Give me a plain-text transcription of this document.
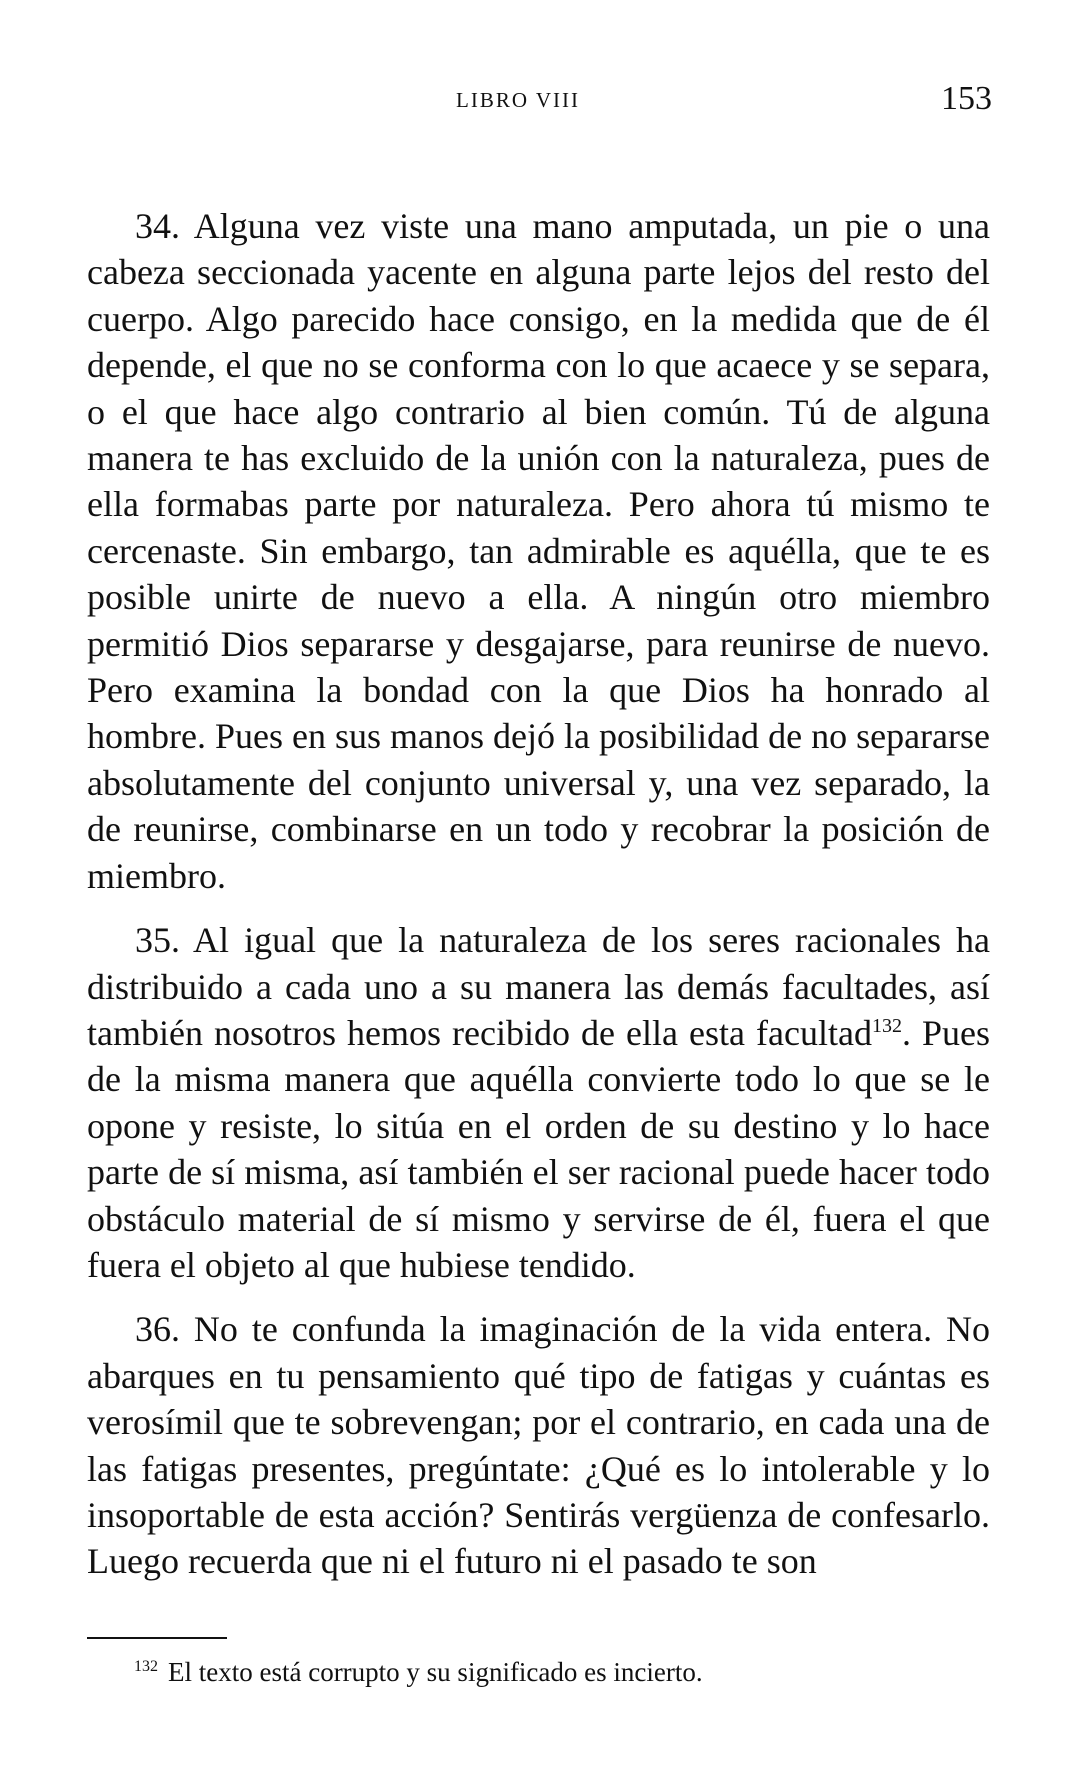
LIBRO VIII	153

34. Alguna vez viste una mano amputada, un pie o una cabeza seccionada yacente en alguna parte lejos del resto del cuerpo. Algo parecido hace consigo, en la medida que de él depende, el que no se conforma con lo que acaece y se separa, o el que hace algo contrario al bien común. Tú de alguna manera te has excluido de la unión con la naturaleza, pues de ella formabas parte por naturaleza. Pero ahora tú mismo te cercenaste. Sin embargo, tan admirable es aquélla, que te es posible unirte de nuevo a ella. A ningún otro miembro permitió Dios separarse y desgajarse, para reunirse de nuevo. Pero examina la bondad con la que Dios ha honrado al hombre. Pues en sus manos dejó la posibilidad de no separarse absolutamente del conjunto universal y, una vez separado, la de reunirse, combinarse en un todo y recobrar la posición de miembro.

35. Al igual que la naturaleza de los seres racionales ha distribuido a cada uno a su manera las demás facultades, así también nosotros hemos recibido de ella esta facultad$^{132}$. Pues de la misma manera que aquélla convierte todo lo que se le opone y resiste, lo sitúa en el orden de su destino y lo hace parte de sí misma, así también el ser racional puede hacer todo obstáculo material de sí mismo y servirse de él, fuera el que fuera el objeto al que hubiese tendido.

36. No te confunda la imaginación de la vida entera. No abarques en tu pensamiento qué tipo de fatigas y cuántas es verosímil que te sobrevengan; por el contrario, en cada una de las fatigas presentes, pregúntate: ¿Qué es lo intolerable y lo insoportable de esta acción? Sentirás vergüenza de confesarlo. Luego recuerda que ni el futuro ni el pasado te son

$^{132}$ El texto está corrupto y su significado es incierto.
